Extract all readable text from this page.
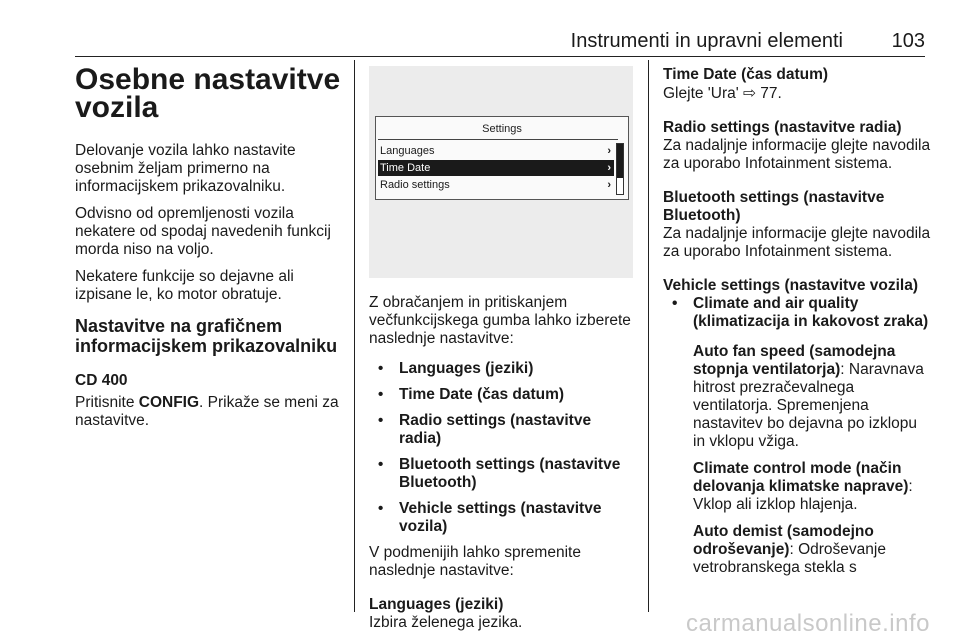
Instrumenti in upravni elementi 103
Osebne nastavitve vozila

Delovanje vozila lahko nastavite osebnim željam primerno na informacijskem prikazovalniku.

Odvisno od opremljenosti vozila nekatere od spodaj navedenih funkcij morda niso na voljo.

Nekatere funkcije so dejavne ali izpisane le, ko motor obratuje.

Nastavitve na grafičnem informacijskem prikazovalniku

CD 400

Pritisnite CONFIG. Prikaže se meni za nastavitve.

Settings
Languages	›
Time Date	›
Radio settings	›

Z obračanjem in pritiskanjem večfunkcijskega gumba lahko izberete naslednje nastavitve:

• Languages (jeziki)
• Time Date (čas datum)
• Radio settings (nastavitve radia)
• Bluetooth settings (nastavitve Bluetooth)
• Vehicle settings (nastavitve vozila)

V podmenijih lahko spremenite naslednje nastavitve:

Languages (jeziki)

Izbira želenega jezika.

Time Date (čas datum)
Glejte 'Ura' ⇨ 77.
Radio settings (nastavitve radia)
Za nadaljnje informacije glejte navodila za uporabo Infotainment sistema.
Bluetooth settings (nastavitve Bluetooth)
Za nadaljnje informacije glejte navodila za uporabo Infotainment sistema.
Vehicle settings (nastavitve vozila)
• Climate and air quality (klimatizacija in kakovost zraka)

Auto fan speed (samodejna stopnja ventilatorja): Naravnava hitrost prezračevalnega ventilatorja. Spremenjena nastavitev bo dejavna po izklopu in vklopu vžiga.

Climate control mode (način delovanja klimatske naprave): Vklop ali izklop hlajenja.

Auto demist (samodejno odroševanje): Odroševanje vetrobranskega stekla s

carmanualsonline.info
